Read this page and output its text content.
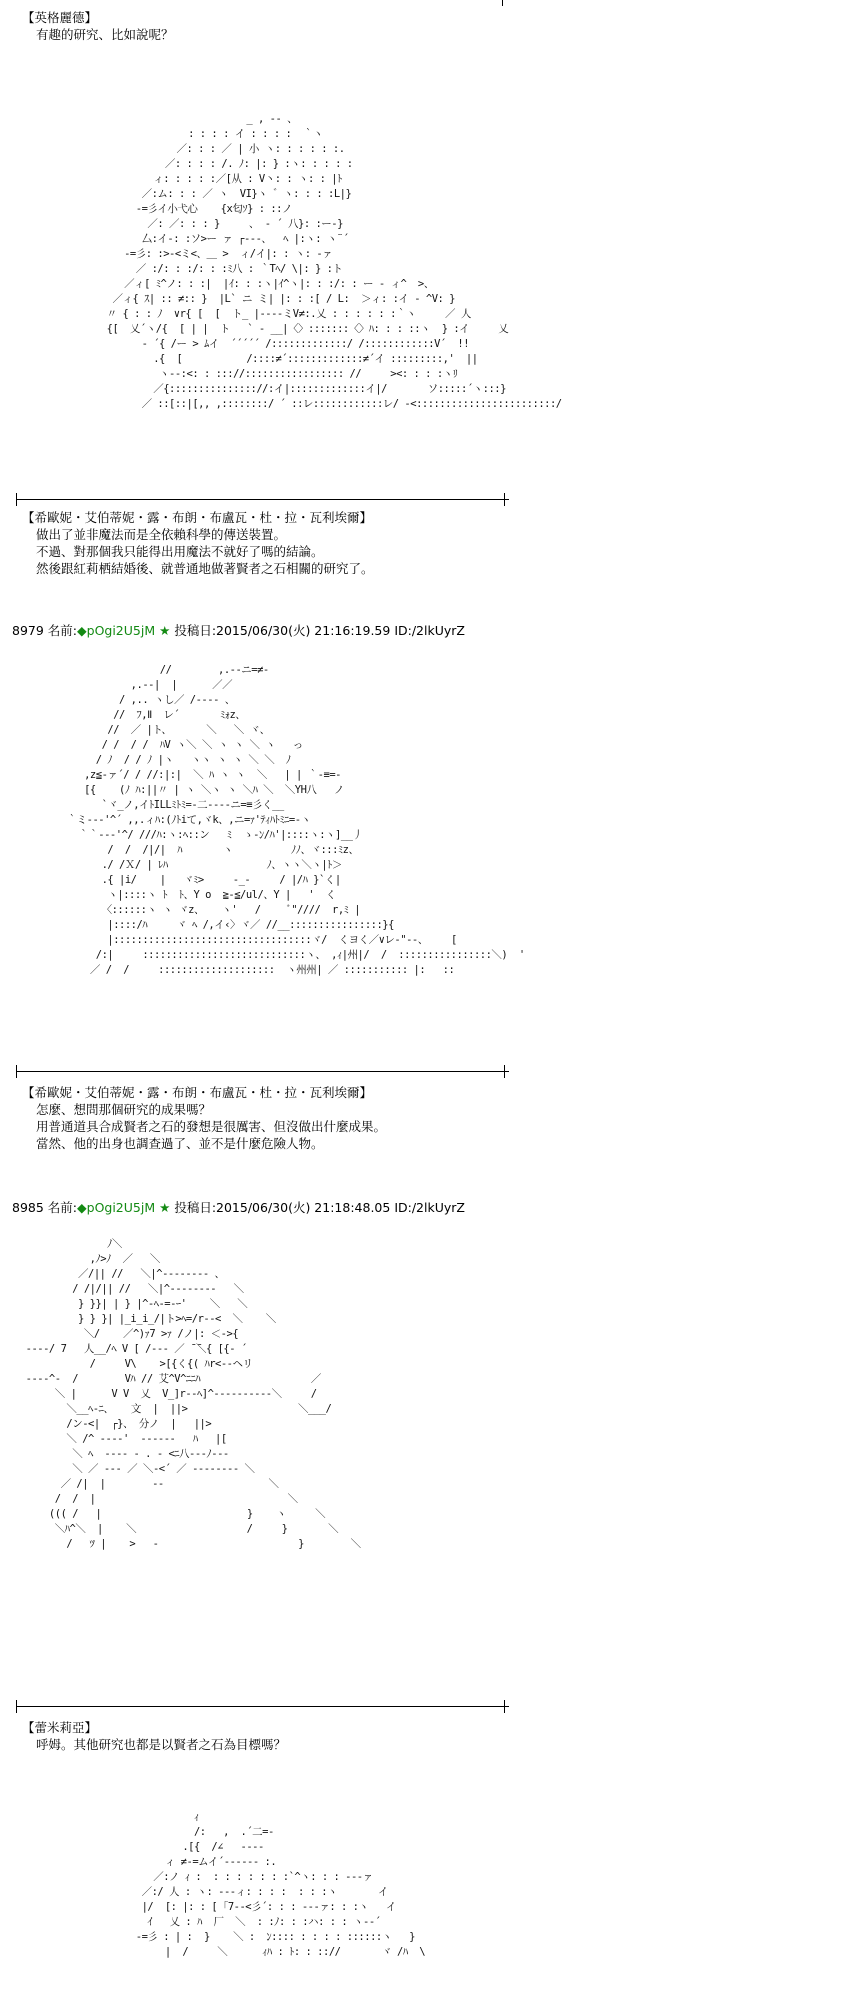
【英格麗德】
有趣的研究、比如說呢？
_ , ‐‐ 、
: : : : イ : : : :  ｀ヽ
／: : : ／ | 小 ヽ: : : : : :.
／: : : : /. ﾉ: |: } :ヽ: : : : :
ィ: : : : :／[从 : V丶: : ヽ: : |ﾄ
／:ム: : : ／ ヽ  VI}ヽ ゛ヽ: : : :L|}
‐=彡イ小弋心    {x匂ｿ} : ::ノ
／: ／: : : }     、 ‐ ´ 八}: :ー‐}
厶:イ‐: :ソ>ー ァ ┌‐‐‐、  ﾍ |:ヽ: ヽ¨´
‐=彡: :>‐<ミ<、＿ >  ィ/イ|: : ヽ: ‐ァ
／ :/: : :/: : :ﾐ八 : ｀Tﾍ/ \|: } :ト
／ィ[ ﾐ^ノ: : :|  |ｲ: : :ヽ|ｲ^ヽ|: : :/: : ー ‐ ィ^  >、
／ィ{ ｽ| :: ≠:: }  |L` ニ ミ| |: : :[ / L:  ＞ィ: :イ ‐ ^V: }
〃 { : : ﾉ  ∨r{ [  [  ト_ |‐‐‐‐ミV≠:.乂 : : : : : :｀ヽ     ／ 人
{[  乂´ヽ/{  [ | |  ト   ` ‐ __|〈〉:::::::〈〉ﾊ: : : ::ヽ  } :イ     乂
‐ ´{ /ー > ﾑイ  ´´´´´ /:::::::::::::/ /::::::::::::V´  !!
.{  [           /::::≠´:::::::::::::≠´イ :::::::::,'  ||
ヽ‐‐:<: : ::://::::::::::::::::: //     ><: : : :ヽﾘ
／{::::::::::::::://:イ|:::::::::::::イ|/       ソ:::::´ヽ:::}
／ ::[::|[,, ,::::::::/ ´ ::レ::::::::::::レ/ ‐<::::::::::::::::::::::::/

【希歐妮・艾伯蒂妮・露・布朗・布盧瓦・杜・拉・瓦利埃爾】
做出了並非魔法而是全依賴科學的傳送裝置。
不過、對那個我只能得出用魔法不就好了嗎的結論。
然後跟紅莉栖結婚後、就普通地做著賢者之石相關的研究了。
8979 名前:◆pOgi2U5jM ★ 投稿日:2015/06/30(火) 21:16:19.59 ID:/2lkUyrZ
//        ,.-‐ニ=≠-
,.‐‐|  |      ／／
/ ,.. ヽし／ /‐‐‐‐ 、
//  ﾌ,Ⅱ  レ´       ﾐｫz、
//  ／ |ト、      ＼   ＼ ヾ、
/ /  / /  ﾊV ヽ＼ ＼ ヽ ヽ ＼ ヽ   っ
/ ﾉ  / / ﾉ |ヽ   ヽヽ ヽ ヽ ＼ ＼  ﾉ
,z≦‐ァ´/ / //:|:|  ＼ ﾊ ヽ ヽ  ＼   | | ｀‐≡=-
[{    (ﾉ ﾊ:||〃 | ヽ ＼ヽ ヽ ＼ﾊ ＼  ＼YH八   ノ
`ヾ_ノ,イﾄILLﾐﾄﾐ=‐二‐‐‐‐ニ=≡彡く__
｀ミ‐-‐'^´ ,,.ィﾊ:(ﾉﾄiて,ヾk、,ニ=ｧ'ﾃｨﾊﾄﾐﾆ=‐ヽ
｀｀‐-‐'^/ ///ﾊ:ヽ:ﾍ::ン   ﾐ  ゝ‐ﾝ/ﾊ'|::::ヽ:ヽ]__丿
/  /  /|/|  ﾊ       ヽ          ﾉﾉ、ヾ:::ﾐz、
./ /Ｘ/ | ﾚﾊ                 ﾉ、ヽヽ＼ヽ|ﾄ＞
.{ |i/    |   ヾﾐ>     ‐_-     / |/ﾊ }`く|
ヽ|::::ヽ ﾄ  ﾄ、Y o  ≧‐≦/ul/、Y |   '  く
〈::::::ヽ ヽ ヾz、   ヽ'   /     ﾞ"////  r,ﾐ |
|::::/ﾊ     ヾ ﾍ /,イ‹〉ヾ／ //__::::::::::::::::}{
|::::::::::::::::::::::::::::::::::ヾ/  くヨく／∨レ‐"‐‐、    [
/:|     ::::::::::::::::::::::::::::ヽ、 ,ｨ|州|/  /  ::::::::::::::::＼)  '
／ /  /     ::::::::::::::::::::  ヽ州州| ／ ::::::::::: |:   ::

【希歐妮・艾伯蒂妮・露・布朗・布盧瓦・杜・拉・瓦利埃爾】
怎麼、想問那個研究的成果嗎？
用普通道具合成賢者之石的發想是很厲害、但沒做出什麼成果。
當然、他的出身也調查過了、並不是什麼危險人物。
8985 名前:◆pOgi2U5jM ★ 投稿日:2015/06/30(火) 21:18:48.05 ID:/2lkUyrZ
ﾉ＼
,ﾉ>ﾉ  ／   ＼
／/|| //   ＼|^‐‐‐‐‐‐‐‐ 、
/ /|/|| //   ＼|^‐‐‐‐‐‐‐‐   ＼
} }}| | } |^‐ﾍ‐=‐ｰ'    ＼   ＼
} } }| |_i_i_/|ト>ﾍ=/r‐‐<  ＼    ＼
＼/    ／^)ｧ7 >ｧ /ノ|: ＜‐>{
‐‐‐‐/ 7   人__/ﾍ V [ /‐‐‐ ／ ̄ ̄＼{ [{‐ ´
/     V\    >[{く{( ﾊr<‐‐ヘリ
‐‐‐‐^‐  /        Vﾊ // 艾^V^ﾆﾆﾊ                   ／
＼ |      V V  乂  V_]r‐‐ﾍ]^‐‐‐‐‐‐‐‐‐‐＼     /
＼__ﾍ‐ﾆ、   文  |  ||>                   ＼___/
/ン‐<|  ┌}、 分ノ  |   ||>
＼ /^ ‐‐‐‐'  ‐‐‐‐‐‐   ﾊ   |[
＼ ﾍ  ‐‐‐‐ ‐ . ‐ <ﾆ八‐‐‐ﾉ‐‐‐
＼ ／ ‐‐‐ ／ ＼‐<´ ／ ‐‐‐‐‐‐‐‐ ＼
／ /|  |        ‐‐                  ＼
/  /  |                                 ＼
((( /   |                         }    ヽ     ＼
＼ﾊ^＼  |    ＼                   /     }       ＼
/   ﾂ |    >   ‐                        }        ＼

【蕾米莉亞】
呼姆。其他研究也都是以賢者之石為目標嗎？
ｨ
/:   ,  .´二=-
.[{  /∠   ‐‐‐‐
ィ ≠‐=ムイ´‐‐‐‐‐‐ :.
／:ノ ｨ :  : : : : : : :`^ヽ: : : ‐‐‐ァ
／:/ 人 : ヽ: ‐‐‐ィ: : : :  : : :ヽ       イ
|/  [: |: : [ ｢7‐‐<彡´: : : ‐‐‐ァ: : :ヽ   イ
ｲ   乂 : ﾊ  厂  ＼  : :ﾉ: : :ハ: : : ヽ‐‐´
‐=彡 : | :  }    ＼ :  ﾝ:::: : : : : ::::::ヽ   }
|  /     ＼      ｨﾊ : ﾄ: : :://       ヾ /ﾊ  \
